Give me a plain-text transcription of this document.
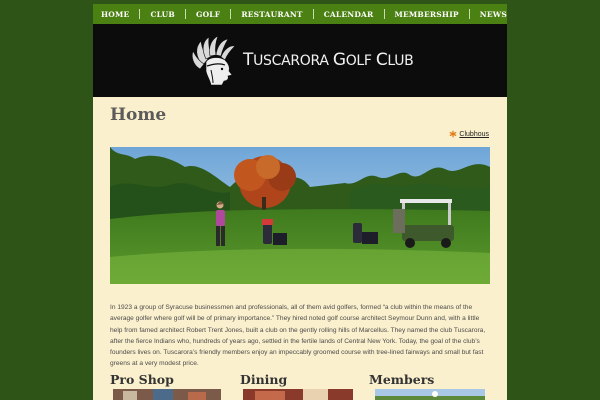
HOME	CLUB	GOLF	RESTAURANT	CALENDAR	MEMBERSHIP	NEWS
TUSCARORA GOLF CLUB
Home
Clubhous

In 1923 a group of Syracuse businessmen and professionals, all of them avid golfers, formed “a club within the means of the average golfer where golf will be of primary importance.” They hired noted golf course architect Seymour Dunn and, with a little help from famed architect Robert Trent Jones, built a club on the gently rolling hills of Marcellus. They named the club Tuscarora, after the fierce Indians who, hundreds of years ago, settled in the fertile lands of Central New York. Today, the goal of the club’s founders lives on. Tuscarora’s friendly members enjoy an impeccably groomed course with tree-lined fairways and small but fast greens at a very modest price.

Pro Shop	Dining	Members
